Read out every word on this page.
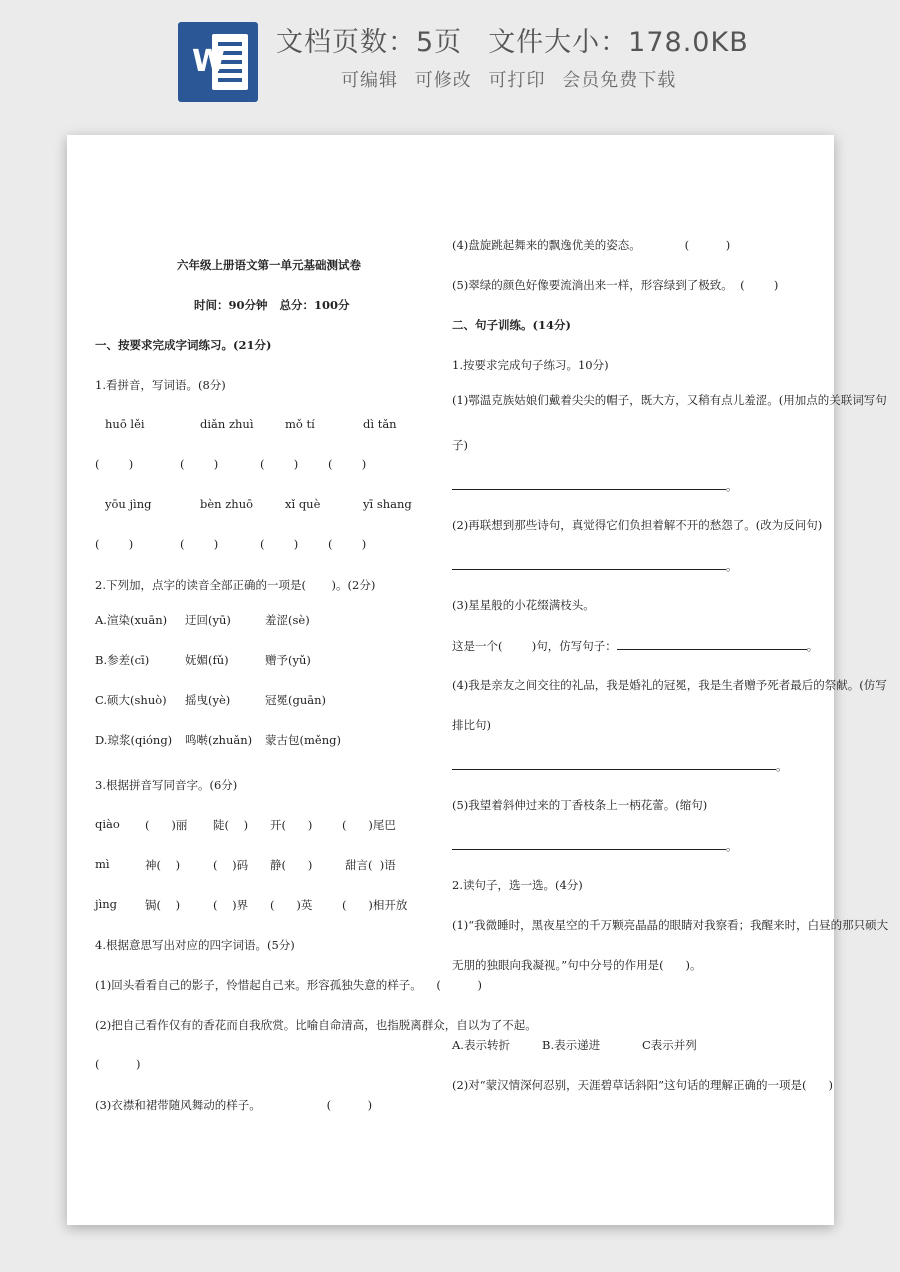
W
文档页数：5页 文件大小：178.0KB
可编辑 可修改 可打印 会员免费下载
六年级上册语文第一单元基础测试卷
时间：90分钟   总分：100分
一、按要求完成字词练习。(21分)
1.看拼音，写词语。(8分)
huō lěi	diǎn zhuì	mǒ tí	dì tǎn
(        )	(        )	(        )	(        )
yōu jìng	bèn zhuō	xǐ què	yī shang
(        )	(        )	(        )	(        )
2.下列加，点字的读音全部正确的一项是(       )。(2分)
A.渲染(xuān) 迂回(yū)	羞涩(sè)
B.参差(cī)	妩媚(fǔ)	赠予(yǔ)
C.硕大(shuò) 摇曳(yè)	冠冕(guān)
D.琼浆(qióng) 鸣啭(zhuǎn) 蒙古包(měng)
3.根据拼音写同音字。(6分)
qiào (      )丽 陡(    ) 开(      )	(      )尾巴
mì	神(    )	(    )码 静(      )	甜言(  )语
jìng 锔(    )	(    )界 (      )英	(      )相开放
4.根据意思写出对应的四字词语。(5分)
(1)回头看看自己的影子，怜惜起自己来。形容孤独失意的样子。    (          )
(2)把自己看作仅有的香花而自我欣赏。比喻自命清高，也指脱离群众，自以为了不起。
(          )
(3)衣襟和裙带随风舞动的样子。                  (          )
(4)盘旋跳起舞来的飘逸优美的姿态。            (          )
(5)翠绿的颜色好像要流淌出来一样，形容绿到了极致。  (        )
二、句子训练。(14分)
1.按要求完成句子练习。10分)
(1)鄂温克族姑娘们戴着尖尖的帽子，既大方，又稍有点儿羞涩。(用加点的关联词写句
子)
。
(2)再联想到那些诗句，真觉得它们负担着解不开的愁怨了。(改为反问句)
。
(3)星星般的小花缀满枝头。
这是一个(        )句，仿写句子：	。
(4)我是亲友之间交往的礼品，我是婚礼的冠冕，我是生者赠予死者最后的祭献。(仿写
排比句)
。
(5)我望着斜伸过来的丁香枝条上一柄花蕾。(缩句)
。
2.读句子，选一选。(4分)
(1)“我微睡时，黑夜星空的千万颗亮晶晶的眼睛对我察看；我醒来时，白昼的那只硕大
无朋的独眼向我凝视。”句中分号的作用是(      )。
A.表示转折	B.表示递进	C表示并列
(2)对“蒙汉情深何忍别，天涯碧草话斜阳”这句话的理解正确的一项是(      )
